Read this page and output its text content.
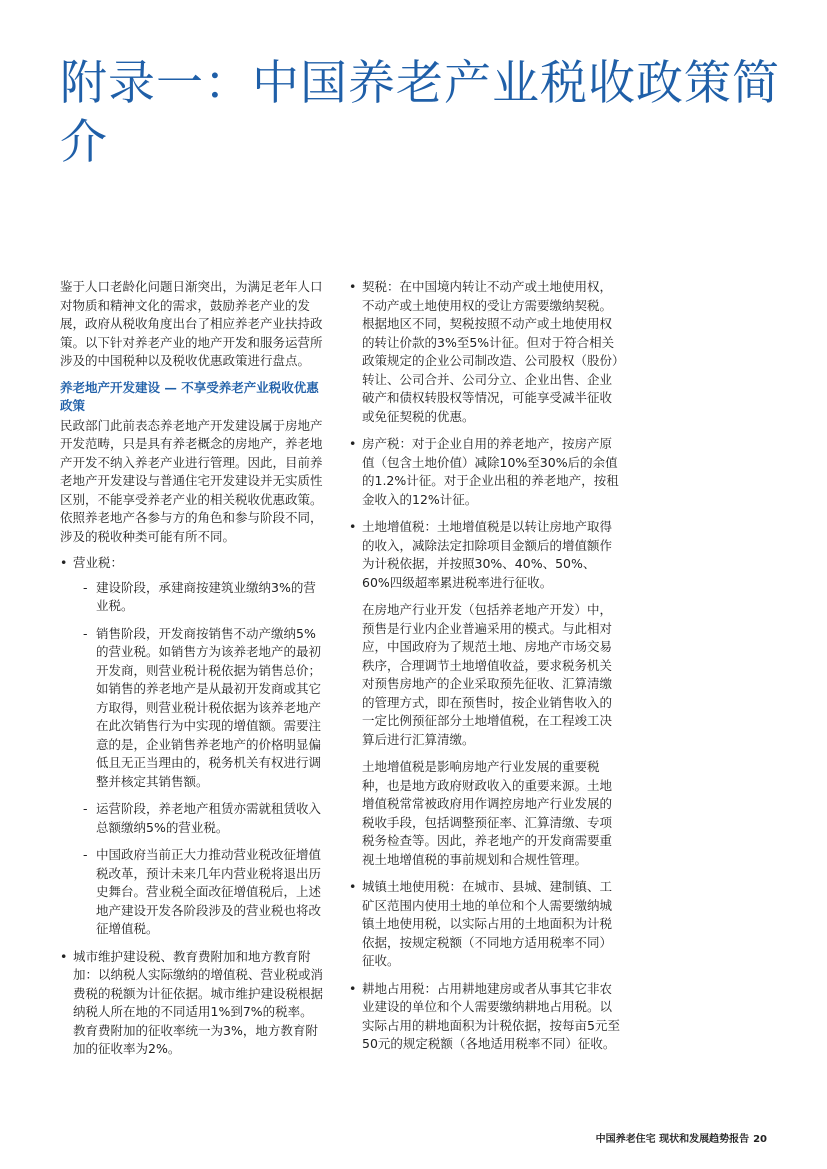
附录一：中国养老产业税收政策简介

鉴于人口老龄化问题日渐突出，为满足老年人口对物质和精神文化的需求，鼓励养老产业的发展，政府从税收角度出台了相应养老产业扶持政策。以下针对养老产业的地产开发和服务运营所涉及的中国税种以及税收优惠政策进行盘点。

养老地产开发建设 — 不享受养老产业税收优惠政策

民政部门此前表态养老地产开发建设属于房地产开发范畴，只是具有养老概念的房地产，养老地产开发不纳入养老产业进行管理。因此，目前养老地产开发建设与普通住宅开发建设并无实质性区别，不能享受养老产业的相关税收优惠政策。依照养老地产各参与方的角色和参与阶段不同，涉及的税收种类可能有所不同。

• 营业税：
- 建设阶段，承建商按建筑业缴纳3%的营业税。
- 销售阶段，开发商按销售不动产缴纳5%的营业税。如销售方为该养老地产的最初开发商，则营业税计税依据为销售总价；如销售的养老地产是从最初开发商或其它方取得，则营业税计税依据为该养老地产在此次销售行为中实现的增值额。需要注意的是，企业销售养老地产的价格明显偏低且无正当理由的，税务机关有权进行调整并核定其销售额。
- 运营阶段，养老地产租赁亦需就租赁收入总额缴纳5%的营业税。
- 中国政府当前正大力推动营业税改征增值税改革，预计未来几年内营业税将退出历史舞台。营业税全面改征增值税后，上述地产建设开发各阶段涉及的营业税也将改征增值税。
• 城市维护建设税、教育费附加和地方教育附加：以纳税人实际缴纳的增值税、营业税或消费税的税额为计征依据。城市维护建设税根据纳税人所在地的不同适用1%到7%的税率。教育费附加的征收率统一为3%，地方教育附加的征收率为2%。
• 契税：在中国境内转让不动产或土地使用权，不动产或土地使用权的受让方需要缴纳契税。根据地区不同，契税按照不动产或土地使用权的转让价款的3%至5%计征。但对于符合相关政策规定的企业公司制改造、公司股权（股份）转让、公司合并、公司分立、企业出售、企业破产和债权转股权等情况，可能享受减半征收或免征契税的优惠。
• 房产税：对于企业自用的养老地产，按房产原值（包含土地价值）减除10%至30%后的余值的1.2%计征。对于企业出租的养老地产，按租金收入的12%计征。
• 土地增值税：土地增值税是以转让房地产取得的收入，减除法定扣除项目金额后的增值额作为计税依据，并按照30%、40%、50%、60%四级超率累进税率进行征收。

在房地产行业开发（包括养老地产开发）中，预售是行业内企业普遍采用的模式。与此相对应，中国政府为了规范土地、房地产市场交易秩序，合理调节土地增值收益，要求税务机关对预售房地产的企业采取预先征收、汇算清缴的管理方式，即在预售时，按企业销售收入的一定比例预征部分土地增值税，在工程竣工决算后进行汇算清缴。

土地增值税是影响房地产行业发展的重要税种，也是地方政府财政收入的重要来源。土地增值税常常被政府用作调控房地产行业发展的税收手段，包括调整预征率、汇算清缴、专项税务检查等。因此，养老地产的开发商需要重视土地增值税的事前规划和合规性管理。

• 城镇土地使用税：在城市、县城、建制镇、工矿区范围内使用土地的单位和个人需要缴纳城镇土地使用税，以实际占用的土地面积为计税依据，按规定税额（不同地方适用税率不同）征收。
• 耕地占用税：占用耕地建房或者从事其它非农业建设的单位和个人需要缴纳耕地占用税。以实际占用的耕地面积为计税依据，按每亩5元至50元的规定税额（各地适用税率不同）征收。
中国养老住宅 现状和发展趋势报告 20
